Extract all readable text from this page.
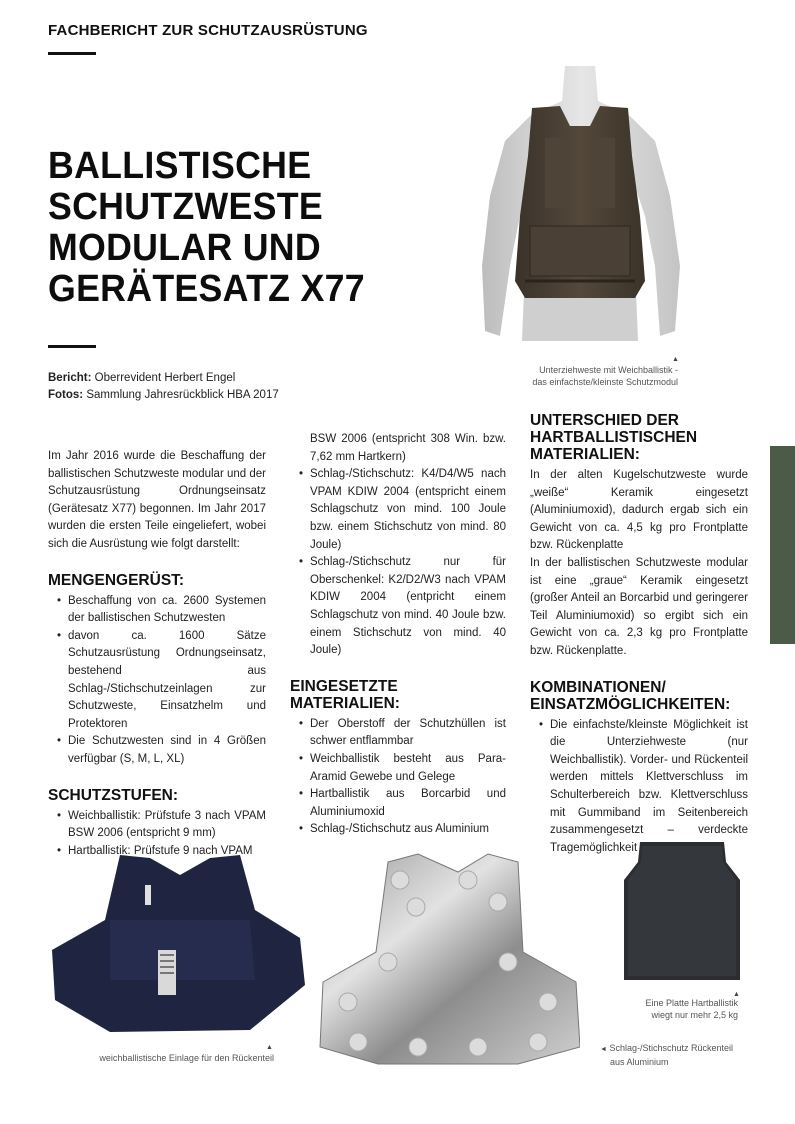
FACHBERICHT ZUR SCHUTZAUSRÜSTUNG
BALLISTISCHE
SCHUTZWESTE
MODULAR UND
GERÄTESATZ X77
Bericht: Oberrevident Herbert Engel
Fotos: Sammlung Jahresrückblick HBA 2017
▲
Unterziehweste mit Weichballistik -
das einfachste/kleinste Schutzmodul

Im Jahr 2016 wurde die Beschaffung der ballistischen Schutzweste modular und der Schutzausrüstung Ordnungseinsatz (Gerätesatz X77) begonnen. Im Jahr 2017 wurden die ersten Teile eingeliefert, wobei sich die Ausrüstung wie folgt darstellt:

MENGENGERÜST:
• Beschaffung von ca. 2600 Systemen der ballistischen Schutzwesten
• davon ca. 1600 Sätze Schutzausrüstung Ordnungseinsatz, bestehend aus Schlag-/Stichschutzeinlagen zur Schutzweste, Einsatzhelm und Protektoren
• Die Schutzwesten sind in 4 Größen verfügbar (S, M, L, XL)
SCHUTZSTUFEN:
• Weichballistik: Prüfstufe 3 nach VPAM BSW 2006 (entspricht 9 mm)
• Hartballistik: Prüfstufe 9 nach VPAM

BSW 2006 (entspricht 308 Win. bzw. 7,62 mm Hartkern)

• Schlag-/Stichschutz: K4/D4/W5 nach VPAM KDIW 2004 (entspricht einem Schlagschutz von mind. 100 Joule bzw. einem Stichschutz von mind. 80 Joule)
• Schlag-/Stichschutz nur für Oberschenkel: K2/D2/W3 nach VPAM KDIW 2004 (entpricht einem Schlagschutz von mind. 40 Joule bzw. einem Stichschutz von mind. 40 Joule)
EINGESETZTE MATERIALIEN:
• Der Oberstoff der Schutzhüllen ist schwer entflammbar
• Weichballistik besteht aus Para-Aramid Gewebe und Gelege
• Hartballistik aus Borcarbid und Aluminiumoxid
• Schlag-/Stichschutz aus Aluminium
UNTERSCHIED DER HARTBALLISTISCHEN MATERIALIEN:

In der alten Kugelschutzweste wurde „weiße“ Keramik eingesetzt (Aluminiumoxid), dadurch ergab sich ein Gewicht von ca. 4,5 kg pro Frontplatte bzw. Rückenplatte

In der ballistischen Schutzweste modular ist eine „graue“ Keramik eingesetzt (großer Anteil an Borcarbid und geringerer Teil Aluminiumoxid) so ergibt sich ein Gewicht von ca. 2,3 kg pro Frontplatte bzw. Rückenplatte.

KOMBINATIONEN/ EINSATZMÖGLICHKEITEN:
• Die einfachste/kleinste Möglichkeit ist die Unterziehweste (nur Weichballistik). Vorder- und Rückenteil werden mittels Klettverschluss im Schulterbereich bzw. Klettverschluss mit Gummiband im Seitenbereich zusammengesetzt – verdeckte Tragemöglichkeit
▲
weichballistische Einlage für den Rückenteil
◄ Schlag-/Stichschutz Rückenteil
aus Aluminium
▲
Eine Platte Hartballistik
wiegt nur mehr 2,5 kg
